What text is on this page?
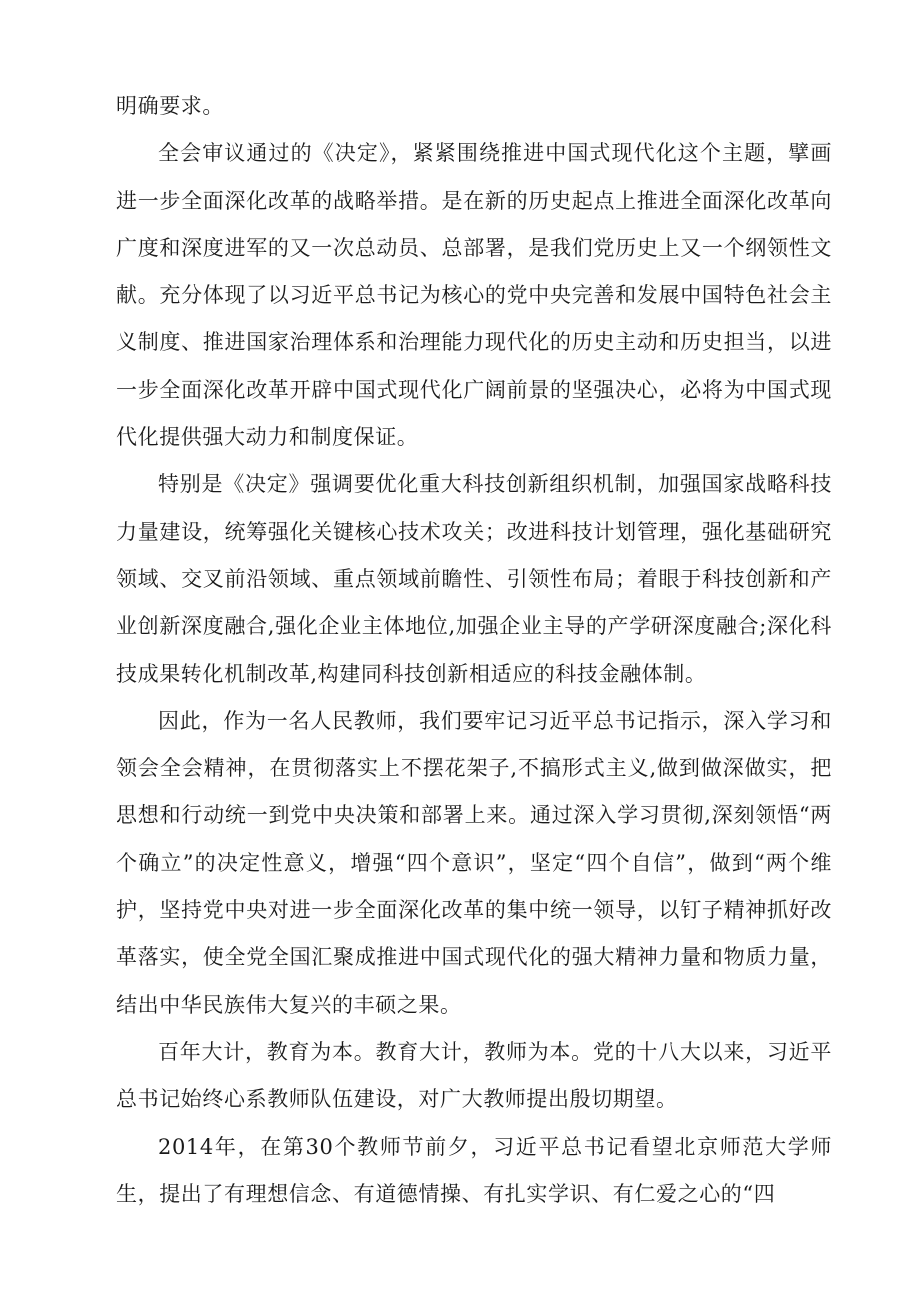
明确要求。

全会审议通过的《决定》，紧紧围绕推进中国式现代化这个主题，擘画进一步全面深化改革的战略举措。是在新的历史起点上推进全面深化改革向广度和深度进军的又一次总动员、总部署，是我们党历史上又一个纲领性文献。充分体现了以习近平总书记为核心的党中央完善和发展中国特色社会主义制度、推进国家治理体系和治理能力现代化的历史主动和历史担当，以进一步全面深化改革开辟中国式现代化广阔前景的坚强决心，必将为中国式现代化提供强大动力和制度保证。

特别是《决定》强调要优化重大科技创新组织机制，加强国家战略科技力量建设，统筹强化关键核心技术攻关；改进科技计划管理，强化基础研究领域、交叉前沿领域、重点领域前瞻性、引领性布局；着眼于科技创新和产业创新深度融合,强化企业主体地位,加强企业主导的产学研深度融合;深化科技成果转化机制改革,构建同科技创新相适应的科技金融体制。

因此，作为一名人民教师，我们要牢记习近平总书记指示，深入学习和领会全会精神，在贯彻落实上不摆花架子,不搞形式主义,做到做深做实，把思想和行动统一到党中央决策和部署上来。通过深入学习贯彻,深刻领悟“两个确立”的决定性意义，增强“四个意识”，坚定“四个自信”，做到“两个维护，坚持党中央对进一步全面深化改革的集中统一领导，以钉子精神抓好改革落实，使全党全国汇聚成推进中国式现代化的强大精神力量和物质力量，结出中华民族伟大复兴的丰硕之果。

百年大计，教育为本。教育大计，教师为本。党的十八大以来，习近平总书记始终心系教师队伍建设，对广大教师提出殷切期望。

2014年，在第30个教师节前夕，习近平总书记看望北京师范大学师生，提出了有理想信念、有道德情操、有扎实学识、有仁爱之心的“四
